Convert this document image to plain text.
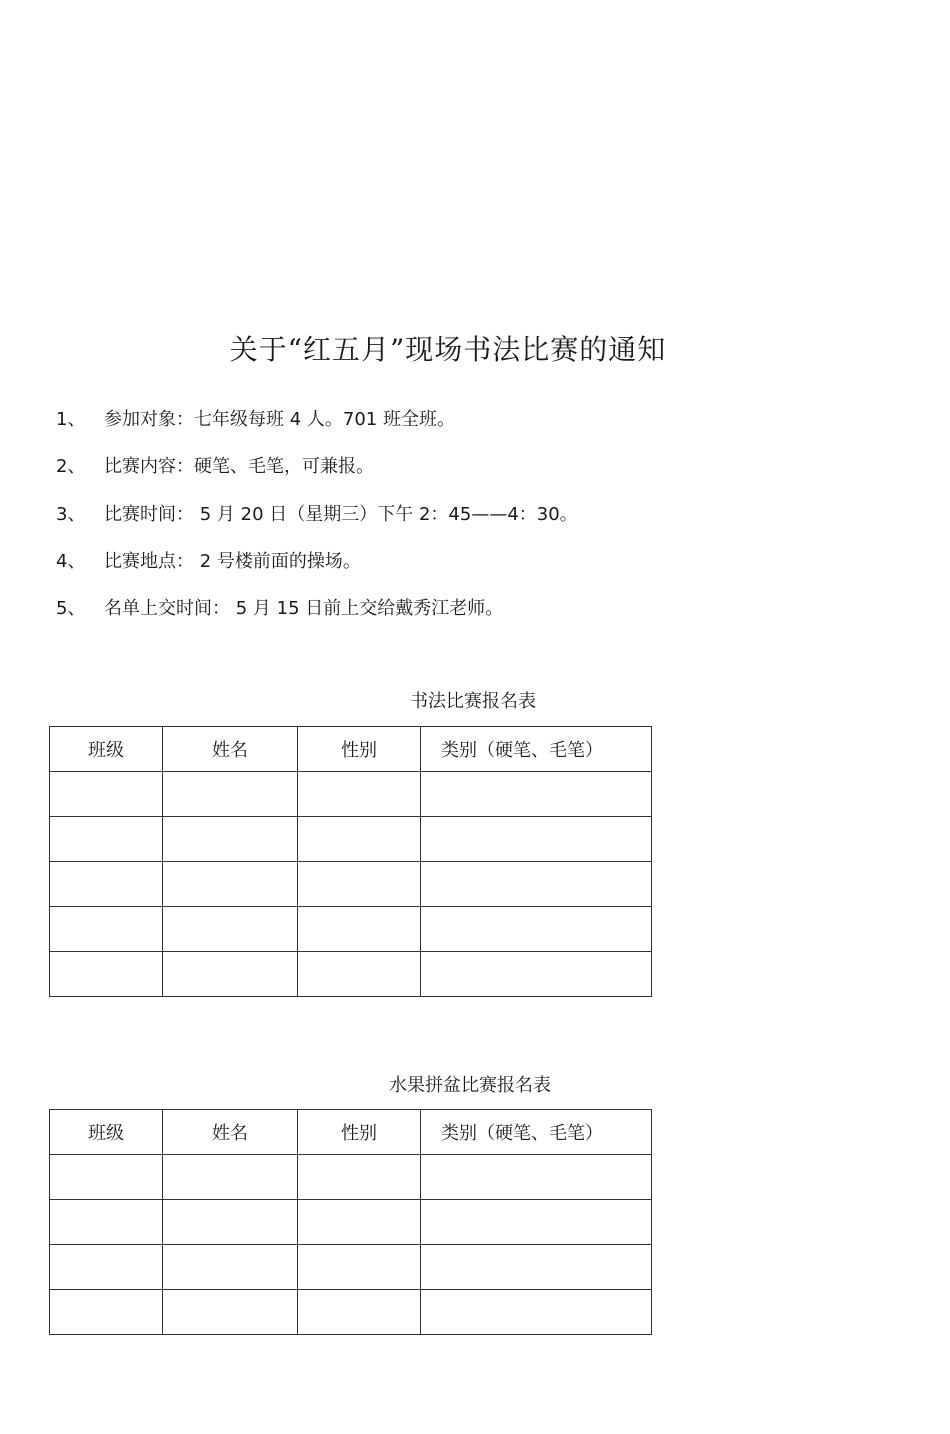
关于“红五月”现场书法比赛的通知
1、 参加对象：七年级每班 4 人。701 班全班。
2、 比赛内容：硬笔、毛笔，可兼报。
3、 比赛时间： 5 月 20 日（星期三）下午 2：45——4：30。
4、 比赛地点： 2 号楼前面的操场。
5、 名单上交时间： 5 月 15 日前上交给戴秀江老师。
书法比赛报名表
班级	姓名	性别	类别（硬笔、毛笔）

水果拼盆比赛报名表
班级	姓名	性别	类别（硬笔、毛笔）
